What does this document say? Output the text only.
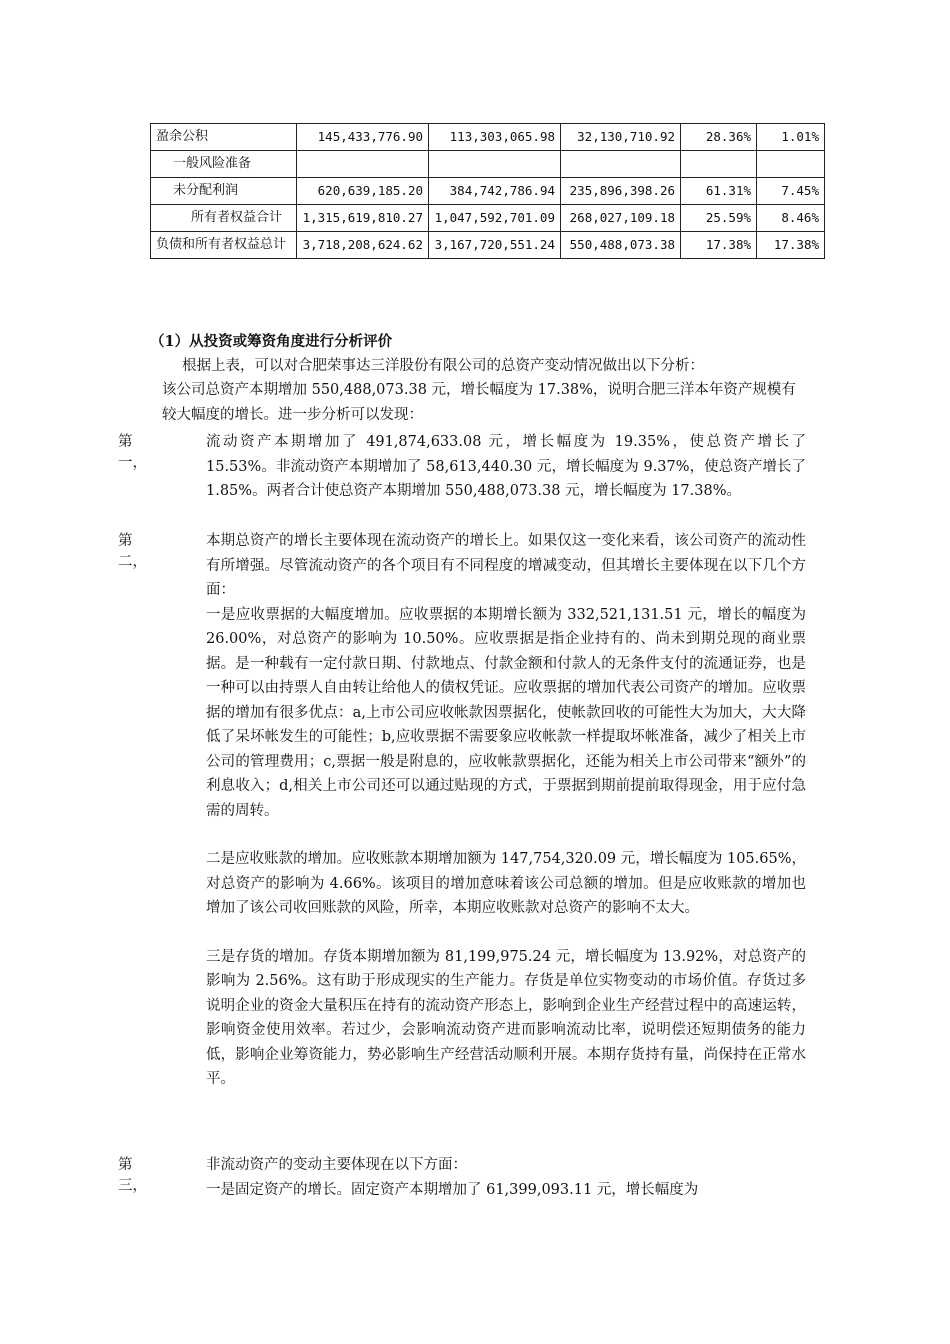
盈余公积	145,433,776.90	113,303,065.98	32,130,710.92	28.36%	1.01%
一般风险准备					
未分配利润	620,639,185.20	384,742,786.94	235,896,398.26	61.31%	7.45%
所有者权益合计	1,315,619,810.27	1,047,592,701.09	268,027,109.18	25.59%	8.46%
负债和所有者权益总计	3,718,208,624.62	3,167,720,551.24	550,488,073.38	17.38%	17.38%
（1）从投资或筹资角度进行分析评价
根据上表，可以对合肥荣事达三洋股份有限公司的总资产变动情况做出以下分析：
该公司总资产本期增加 550,488,073.38 元，增长幅度为 17.38%，说明合肥三洋本年资产规模有较大幅度的增长。进一步分析可以发现：
第一，
流动资产本期增加了 491,874,633.08 元，增长幅度为 19.35%，使总资产增长了 15.53%。非流动资产本期增加了 58,613,440.30 元，增长幅度为 9.37%，使总资产增长了 1.85%。两者合计使总资产本期增加 550,488,073.38 元，增长幅度为 17.38%。
第二，
本期总资产的增长主要体现在流动资产的增长上。如果仅这一变化来看，该公司资产的流动性有所增强。尽管流动资产的各个项目有不同程度的增减变动，但其增长主要体现在以下几个方面：
一是应收票据的大幅度增加。应收票据的本期增长额为 332,521,131.51 元，增长的幅度为 26.00%，对总资产的影响为 10.50%。应收票据是指企业持有的、尚未到期兑现的商业票据。是一种载有一定付款日期、付款地点、付款金额和付款人的无条件支付的流通证券，也是一种可以由持票人自由转让给他人的债权凭证。应收票据的增加代表公司资产的增加。应收票据的增加有很多优点：a,上市公司应收帐款因票据化，使帐款回收的可能性大为加大，大大降低了呆坏帐发生的可能性；b,应收票据不需要象应收帐款一样提取坏帐准备，减少了相关上市公司的管理费用；c,票据一般是附息的，应收帐款票据化，还能为相关上市公司带来“额外”的利息收入；d,相关上市公司还可以通过贴现的方式，于票据到期前提前取得现金，用于应付急需的周转。
二是应收账款的增加。应收账款本期增加额为 147,754,320.09 元，增长幅度为 105.65%，对总资产的影响为 4.66%。该项目的增加意味着该公司总额的增加。但是应收账款的增加也增加了该公司收回账款的风险，所幸，本期应收账款对总资产的影响不太大。
三是存货的增加。存货本期增加额为 81,199,975.24 元，增长幅度为 13.92%，对总资产的影响为 2.56%。这有助于形成现实的生产能力。存货是单位实物变动的市场价值。存货过多说明企业的资金大量积压在持有的流动资产形态上，影响到企业生产经营过程中的高速运转，影响资金使用效率。若过少，会影响流动资产进而影响流动比率，说明偿还短期债务的能力低，影响企业筹资能力，势必影响生产经营活动顺利开展。本期存货持有量，尚保持在正常水平。
第三，
非流动资产的变动主要体现在以下方面：
一是固定资产的增长。固定资产本期增加了 61,399,093.11 元，增长幅度为
